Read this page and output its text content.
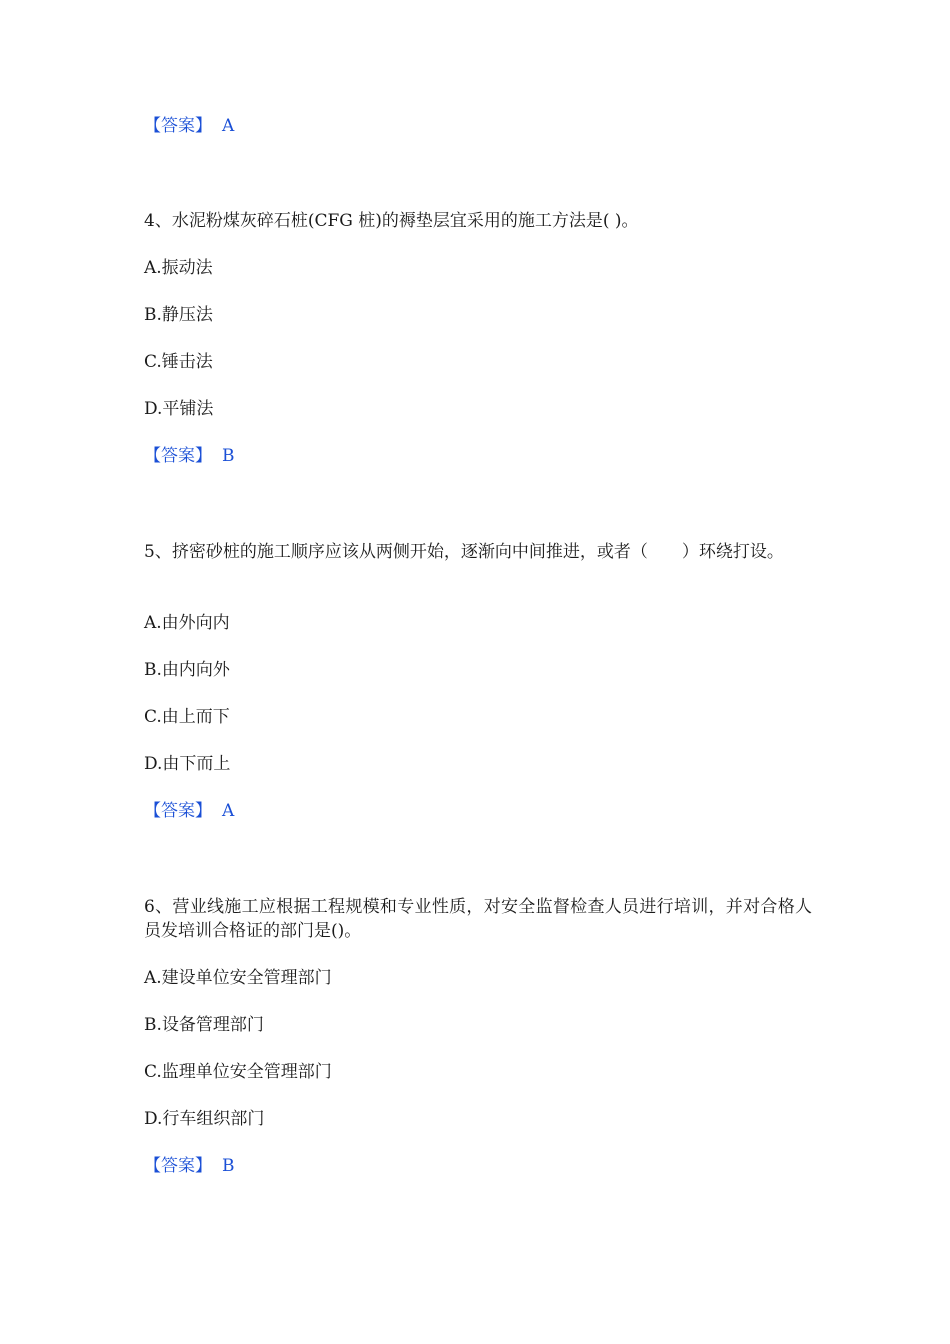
【答案】 A
4、水泥粉煤灰碎石桩(CFG 桩)的褥垫层宜采用的施工方法是( )。
A.振动法
B.静压法
C.锤击法
D.平铺法
【答案】 B
5、挤密砂桩的施工顺序应该从两侧开始，逐渐向中间推进，或者（　　）环绕打设。
A.由外向内
B.由内向外
C.由上而下
D.由下而上
【答案】 A
6、营业线施工应根据工程规模和专业性质，对安全监督检查人员进行培训，并对合格人员发培训合格证的部门是()。
A.建设单位安全管理部门
B.设备管理部门
C.监理单位安全管理部门
D.行车组织部门
【答案】 B
